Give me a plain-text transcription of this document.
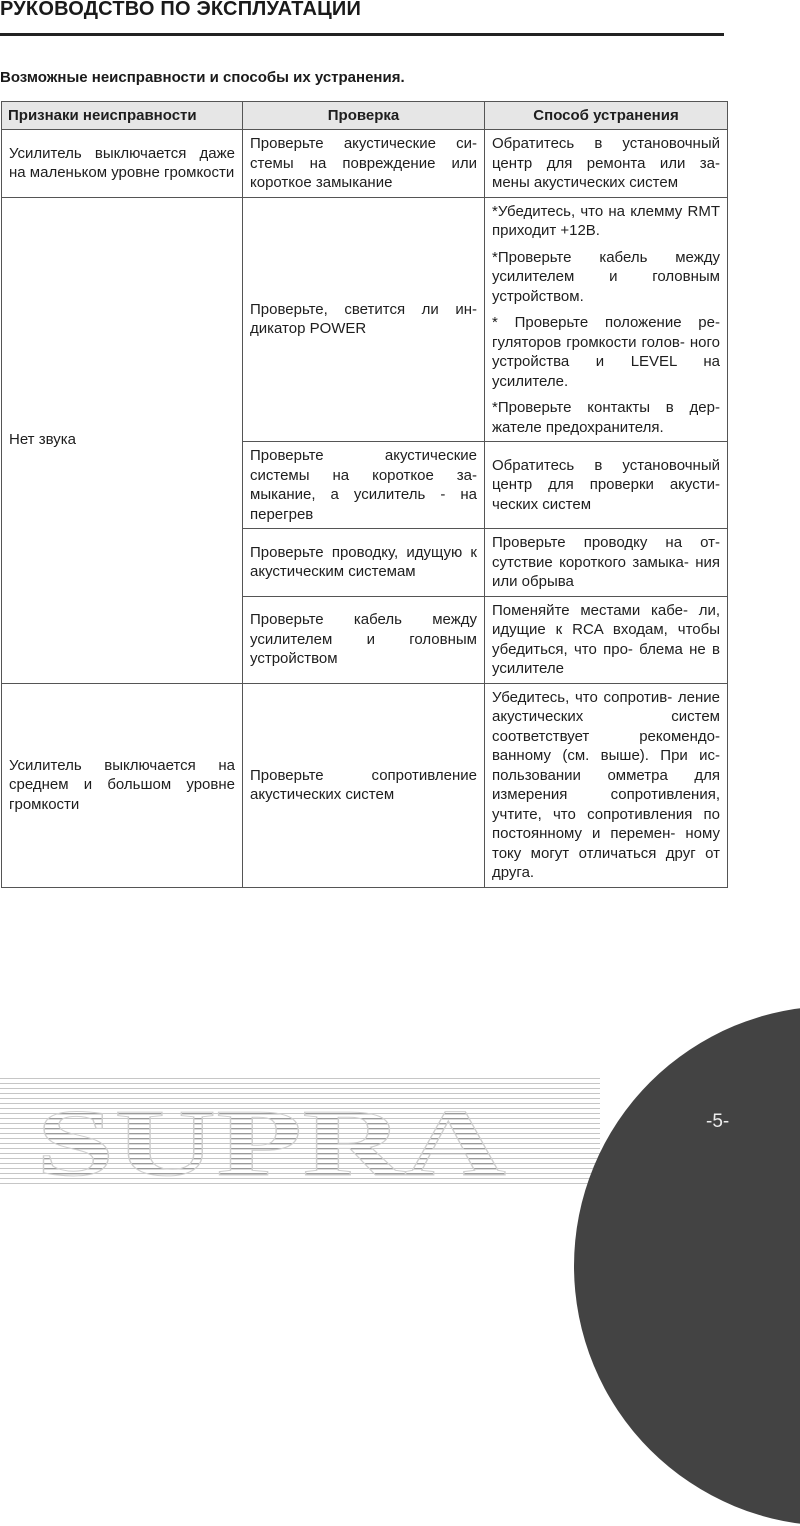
РУКОВОДСТВО ПО ЭКСПЛУАТАЦИИ
Возможные неисправности и способы их устранения.
Признаки неисправности	Проверка	Способ устранения
Усилитель выключается даже на маленьком уровне громкости	Проверьте акустические си- стемы на повреждение или короткое замыкание	Обратитесь в установочный центр для ремонта или за- мены акустических систем
Нет звука	Проверьте, светится ли ин- дикатор POWER	*Убедитесь, что на клемму RMT приходит +12В.

*Проверьте кабель между усилителем и головным устройством.

* Проверьте положение ре- гуляторов громкости голов- ного устройства и LEVEL на усилителе.

*Проверьте контакты в дер- жателе предохранителя.

	Проверьте акустические системы на короткое за- мыкание, а усилитель - на перегрев	Обратитесь в установочный центр для проверки акусти- ческих систем
	Проверьте проводку, идущую к акустическим системам	Проверьте проводку на от- сутствие короткого замыка- ния или обрыва
	Проверьте кабель между усилителем и головным устройством	Поменяйте местами кабе- ли, идущие к RCA входам, чтобы убедиться, что про- блема не в усилителе
Усилитель выключается на среднем и большом уровне громкости	Проверьте сопротивление акустических систем	Убедитесь, что сопротив- ление акустических систем соответствует рекомендо- ванному (см. выше). При ис- пользовании омметра для измерения сопротивления, учтите, что сопротивления по постоянному и перемен- ному току могут отличаться друг от друга.
SUPRA	-5-
